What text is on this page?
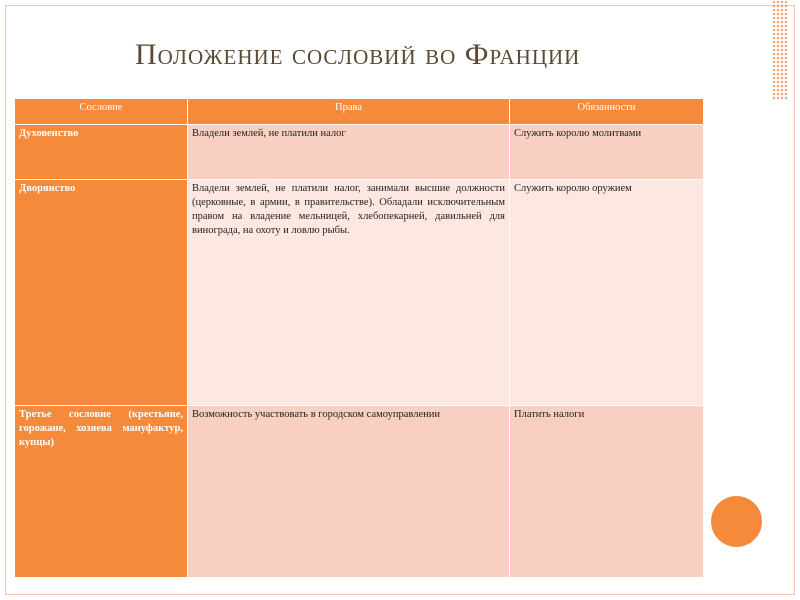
Положение сословий во Франции
Сословие	Права	Обязанности
Духовенство	Владели землей, не платили налог	Служить королю молитвами
Дворянство	Владели землей, не платили налог, занимали высшие должности (церковные, в армии, в правительстве). Обладали исключительным правом на владение мельницей, хлебопекарней, давильней для винограда, на охоту и ловлю рыбы.	Служить королю оружием
Третье сословие (крестьяне, горожане, хозяева мануфактур, купцы)	Возможность участвовать в городском самоуправлении	Платить налоги
